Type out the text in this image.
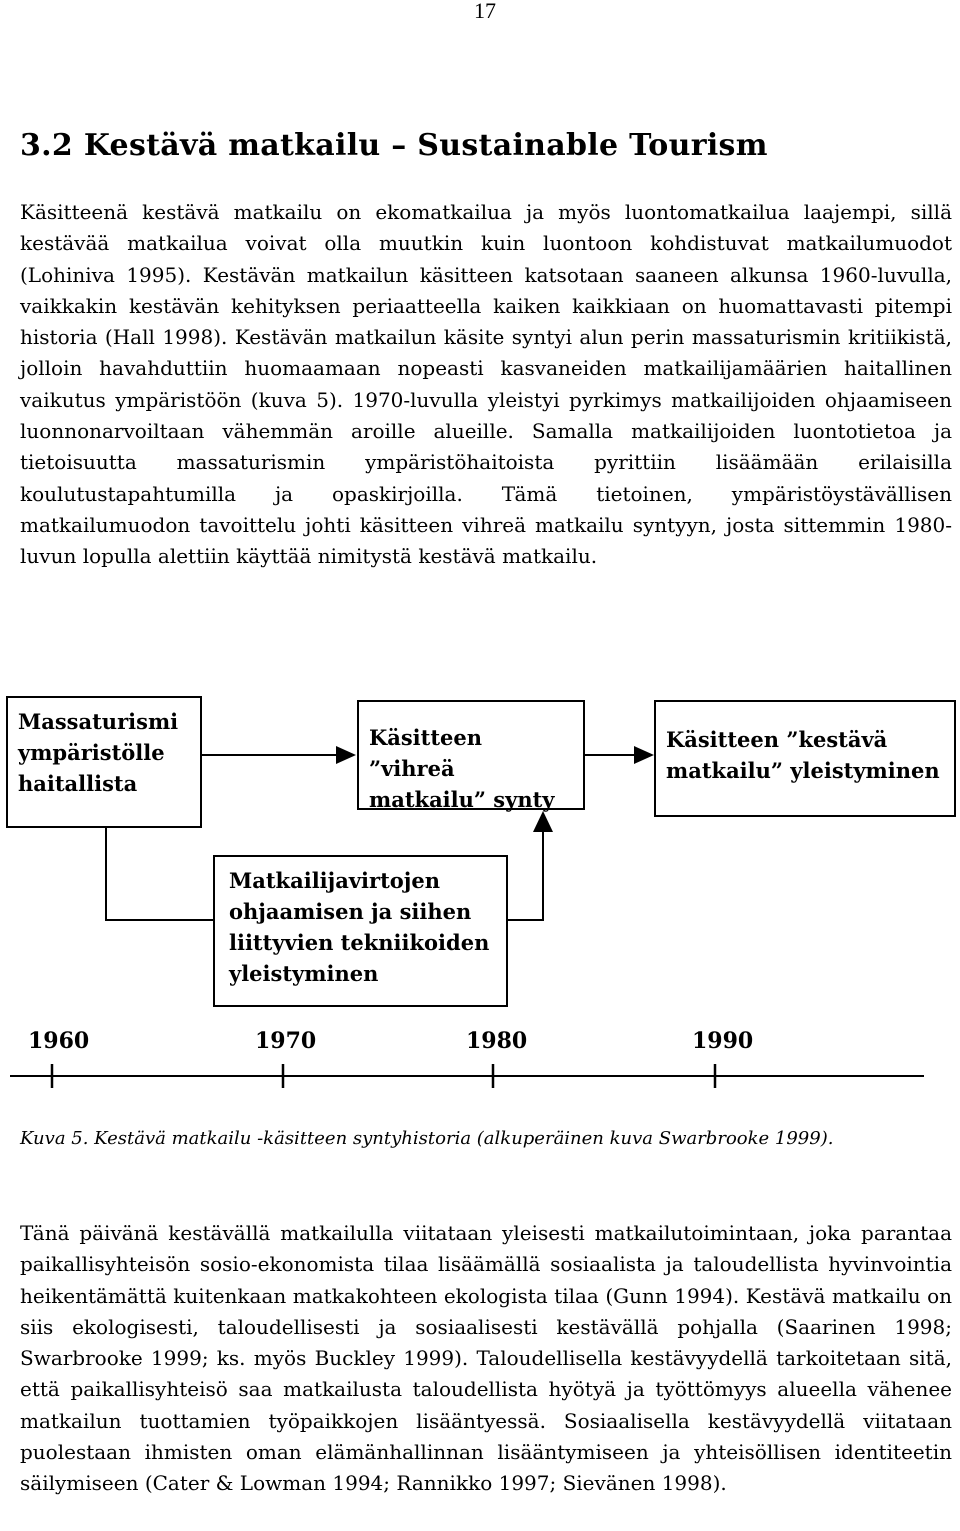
17
3.2 Kestävä matkailu – Sustainable Tourism

Käsitteenä kestävä matkailu on ekomatkailua ja myös luontomatkailua laajempi, sillä kestävää matkailua voivat olla muutkin kuin luontoon kohdistuvat matkailumuodot (Lohiniva 1995). Kestävän matkailun käsitteen katsotaan saaneen alkunsa 1960-luvulla, vaikkakin kestävän kehityksen periaatteella kaiken kaikkiaan on huomattavasti pitempi historia (Hall 1998). Kestävän matkailun käsite syntyi alun perin massaturismin kritiikistä, jolloin havahduttiin huomaamaan nopeasti kasvaneiden matkailijamäärien haitallinen vaikutus ympäristöön (kuva 5). 1970-luvulla yleistyi pyrkimys matkailijoiden ohjaamiseen luonnonarvoiltaan vähemmän aroille alueille. Samalla matkailijoiden luontotietoa ja tietoisuutta massaturismin ympäristöhaitoista pyrittiin lisäämään erilaisilla koulutustapahtumilla ja opaskirjoilla. Tämä tietoinen, ympäristöystävällisen matkailumuodon tavoittelu johti käsitteen vihreä matkailu syntyyn, josta sittemmin 1980-luvun lopulla alettiin käyttää nimitystä kestävä matkailu.

Massaturismi ympäristölle haitallista
Käsitteen ”vihreä matkailu” synty
Käsitteen ”kestävä matkailu” yleistyminen
Matkailijavirtojen ohjaamisen ja siihen liittyvien tekniikoiden yleistyminen
1960	1970	1980	1990

Kuva 5. Kestävä matkailu -käsitteen syntyhistoria (alkuperäinen kuva Swarbrooke 1999).

Tänä päivänä kestävällä matkailulla viitataan yleisesti matkailutoimintaan, joka parantaa paikallisyhteisön sosio-ekonomista tilaa lisäämällä sosiaalista ja taloudellista hyvinvointia heikentämättä kuitenkaan matkakohteen ekologista tilaa (Gunn 1994). Kestävä matkailu on siis ekologisesti, taloudellisesti ja sosiaalisesti kestävällä pohjalla (Saarinen 1998; Swarbrooke 1999; ks. myös Buckley 1999). Taloudellisella kestävyydellä tarkoitetaan sitä, että paikallisyhteisö saa matkailusta taloudellista hyötyä ja työttömyys alueella vähenee matkailun tuottamien työpaikkojen lisääntyessä. Sosiaalisella kestävyydellä viitataan puolestaan ihmisten oman elämänhallinnan lisääntymiseen ja yhteisöllisen identiteetin säilymiseen (Cater & Lowman 1994; Rannikko 1997; Sievänen 1998).
